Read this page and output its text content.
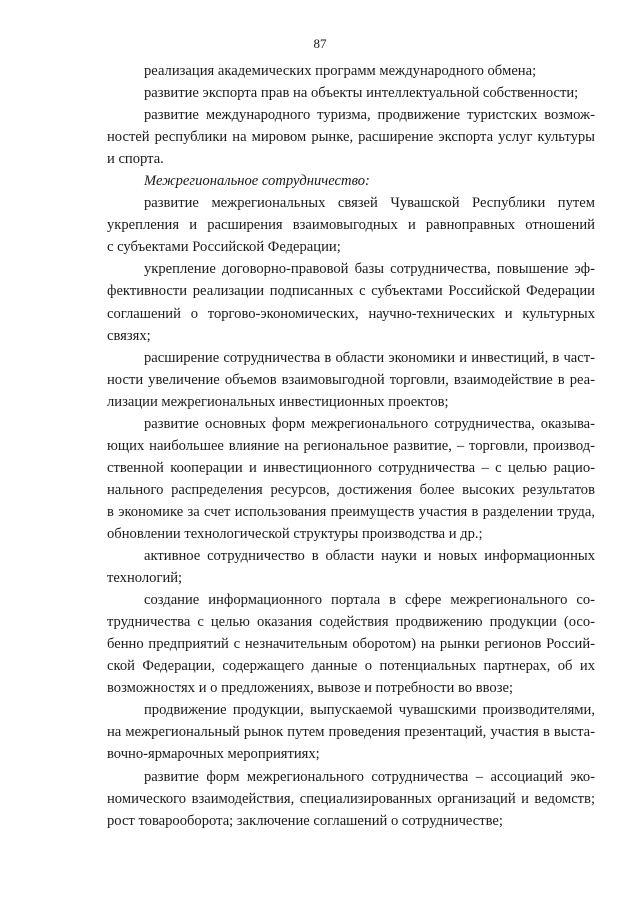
87
реализация академических программ международного обмена;
развитие экспорта прав на объекты интеллектуальной собственности;
развитие международного туризма, продвижение туристских возмож-
ностей республики на мировом рынке, расширение экспорта услуг культуры
и спорта.
Межрегиональное сотрудничество:
развитие межрегиональных связей Чувашской Республики путем
укрепления и расширения взаимовыгодных и равноправных отношений
с субъектами Российской Федерации;
укрепление договорно-правовой базы сотрудничества, повышение эф-
фективности реализации подписанных с субъектами Российской Федерации
соглашений о торгово-экономических, научно-технических и культурных
связях;
расширение сотрудничества в области экономики и инвестиций, в част-
ности увеличение объемов взаимовыгодной торговли, взаимодействие в реа-
лизации межрегиональных инвестиционных проектов;
развитие основных форм межрегионального сотрудничества, оказыва-
ющих наибольшее влияние на региональное развитие, – торговли, производ-
ственной кооперации и инвестиционного сотрудничества – с целью рацио-
нального распределения ресурсов, достижения более высоких результатов
в экономике за счет использования преимуществ участия в разделении труда,
обновлении технологической структуры производства и др.;
активное сотрудничество в области науки и новых информационных
технологий;
создание информационного портала в сфере межрегионального со-
трудничества с целью оказания содействия продвижению продукции (осо-
бенно предприятий с незначительным оборотом) на рынки регионов Россий-
ской Федерации, содержащего данные о потенциальных партнерах, об их
возможностях и о предложениях, вывозе и потребности во ввозе;
продвижение продукции, выпускаемой чувашскими производителями,
на межрегиональный рынок путем проведения презентаций, участия в выста-
вочно-ярмарочных мероприятиях;
развитие форм межрегионального сотрудничества – ассоциаций эко-
номического взаимодействия, специализированных организаций и ведомств;
рост товарооборота; заключение соглашений о сотрудничестве;
